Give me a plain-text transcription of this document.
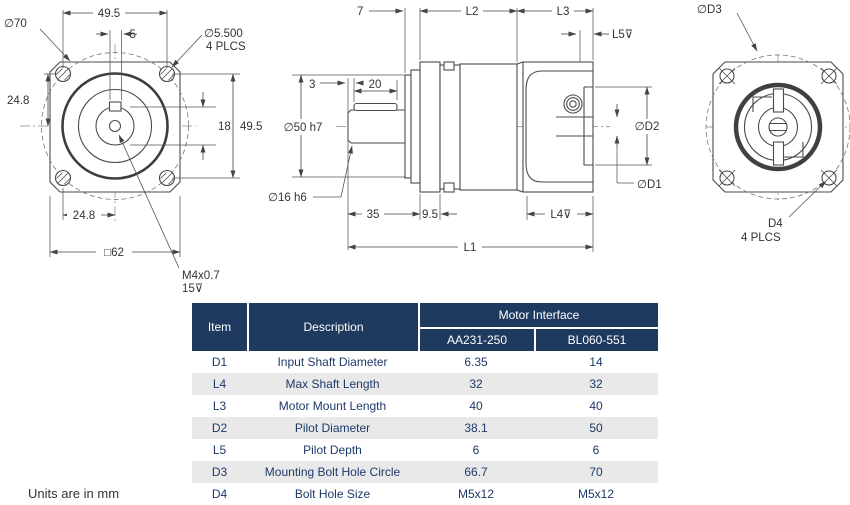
49.5
∅70
5	∅5.500
4 PLCS
24.8
18 49.5
24.8
□62
M4x0.7
15⊽
7	L2	L3
L5⊽
3	20
∅50 h7
∅16 h6
35	9.5	L4⊽
L1
∅D2
∅D1
∅D3
D4
4 PLCS
Item	Description
Motor Interface
AA231-250	BL060-551
D1	Input Shaft Diameter	6.35	14
L4	Max Shaft Length	32	32
L3	Motor Mount Length	40	40
D2	Pilot Diameter	38.1	50
L5	Pilot Depth	6	6
D3	Mounting Bolt Hole Circle	66.7	70
D4	Bolt Hole Size	M5x12	M5x12
Units are in mm
